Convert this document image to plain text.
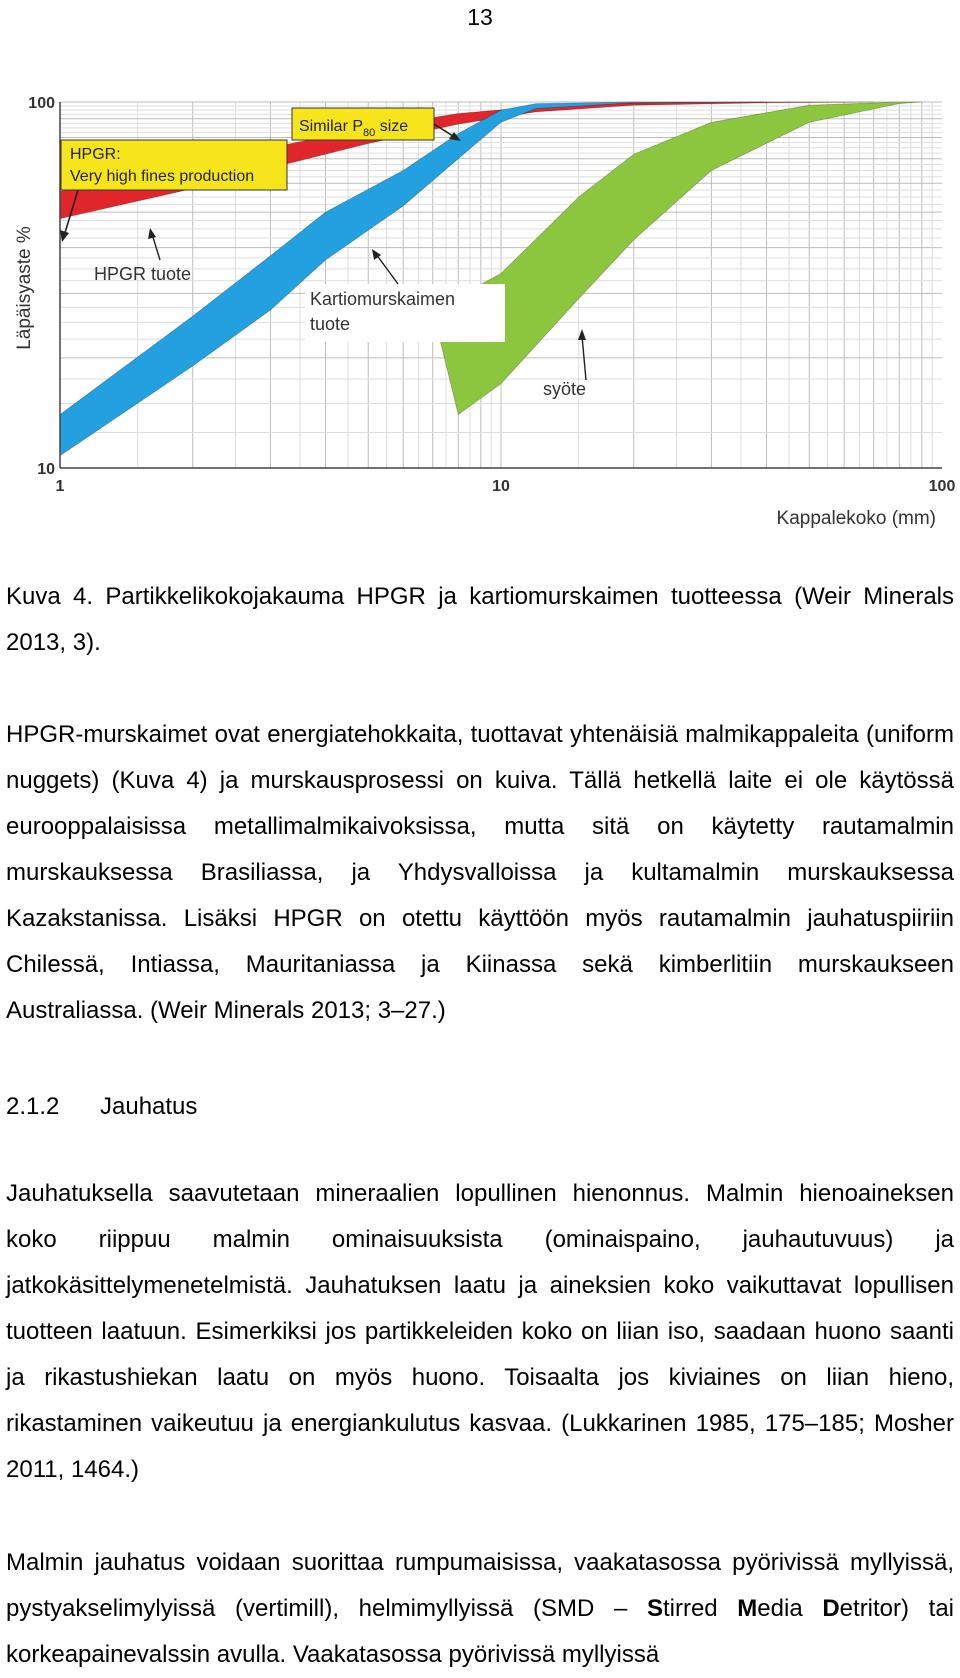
13
1	10	100
100
10
Kappalekoko (mm)
Läpäisyaste %
HPGR:
Very high fines production
Similar $P_{80}$ size
HPGR tuote
Kartiomurskaimen
tuote
syöte

Kuva 4. Partikkelikokojakauma HPGR ja kartiomurskaimen tuotteessa (Weir Minerals 2013, 3).

HPGR-murskaimet ovat energiatehokkaita, tuottavat yhtenäisiä malmikappaleita (uniform nuggets) (Kuva 4) ja murskausprosessi on kuiva. Tällä hetkellä laite ei ole käytössä eurooppalaisissa metallimalmikaivoksissa, mutta sitä on käytetty rautamalmin murskauksessa Brasiliassa, ja Yhdysvalloissa ja kultamalmin murskauksessa Kazakstanissa. Lisäksi HPGR on otettu käyttöön myös rautamalmin jauhatuspiiriin Chilessä, Intiassa, Mauritaniassa ja Kiinassa sekä kimberlitiin murskaukseen Australiassa. (Weir Minerals 2013; 3–27.)

2.1.2 Jauhatus

Jauhatuksella saavutetaan mineraalien lopullinen hienonnus. Malmin hienoaineksen koko riippuu malmin ominaisuuksista (ominaispaino, jauhautuvuus) ja jatkokäsittelymenetelmistä. Jauhatuksen laatu ja aineksien koko vaikuttavat lopullisen tuotteen laatuun. Esimerkiksi jos partikkeleiden koko on liian iso, saadaan huono saanti ja rikastushiekan laatu on myös huono. Toisaalta jos kiviaines on liian hieno, rikastaminen vaikeutuu ja energiankulutus kasvaa. (Lukkarinen 1985, 175–185; Mosher 2011, 1464.)

Malmin jauhatus voidaan suorittaa rumpumaisissa, vaakatasossa pyörivissä myllyissä, pystyakselimylyissä (vertimill), helmimyllyissä (SMD – Stirred Media Detritor) tai korkeapainevalssin avulla. Vaakatasossa pyörivissä myllyissä
